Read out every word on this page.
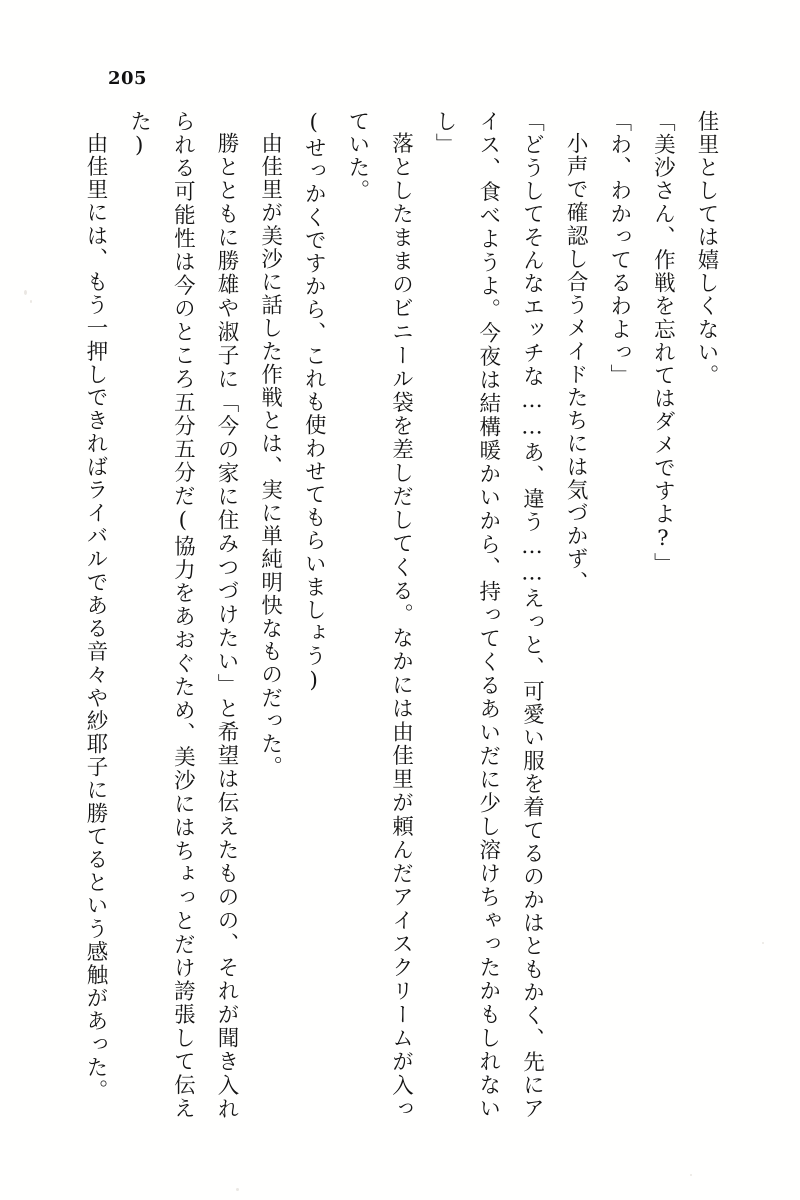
205

佳里としては嬉しくない。

「美沙さん、作戦を忘れてはダメですよ?」

「わ、わかってるわよっ」

小声で確認し合うメイドたちには気づかず、

「どうしてそんなエッチな……あ、違う……えっと、可愛い服を着てるのかはともかく、先にアイス、食べようよ。今夜は結構暖かいから、持ってくるあいだに少し溶けちゃったかもしれないし」

落としたままのビニール袋を差しだしてくる。なかには由佳里が頼んだアイスクリームが入っていた。

(せっかくですから、これも使わせてもらいましょう)

由佳里が美沙に話した作戦とは、実に単純明快なものだった。

勝とともに勝雄や淑子に「今の家に住みつづけたい」と希望は伝えたものの、それが聞き入れられる可能性は今のところ五分五分だ(協力をあおぐため、美沙にはちょっとだけ誇張して伝えた)

由佳里には、もう一押しできればライバルである音々や紗耶子に勝てるという感触があった。
